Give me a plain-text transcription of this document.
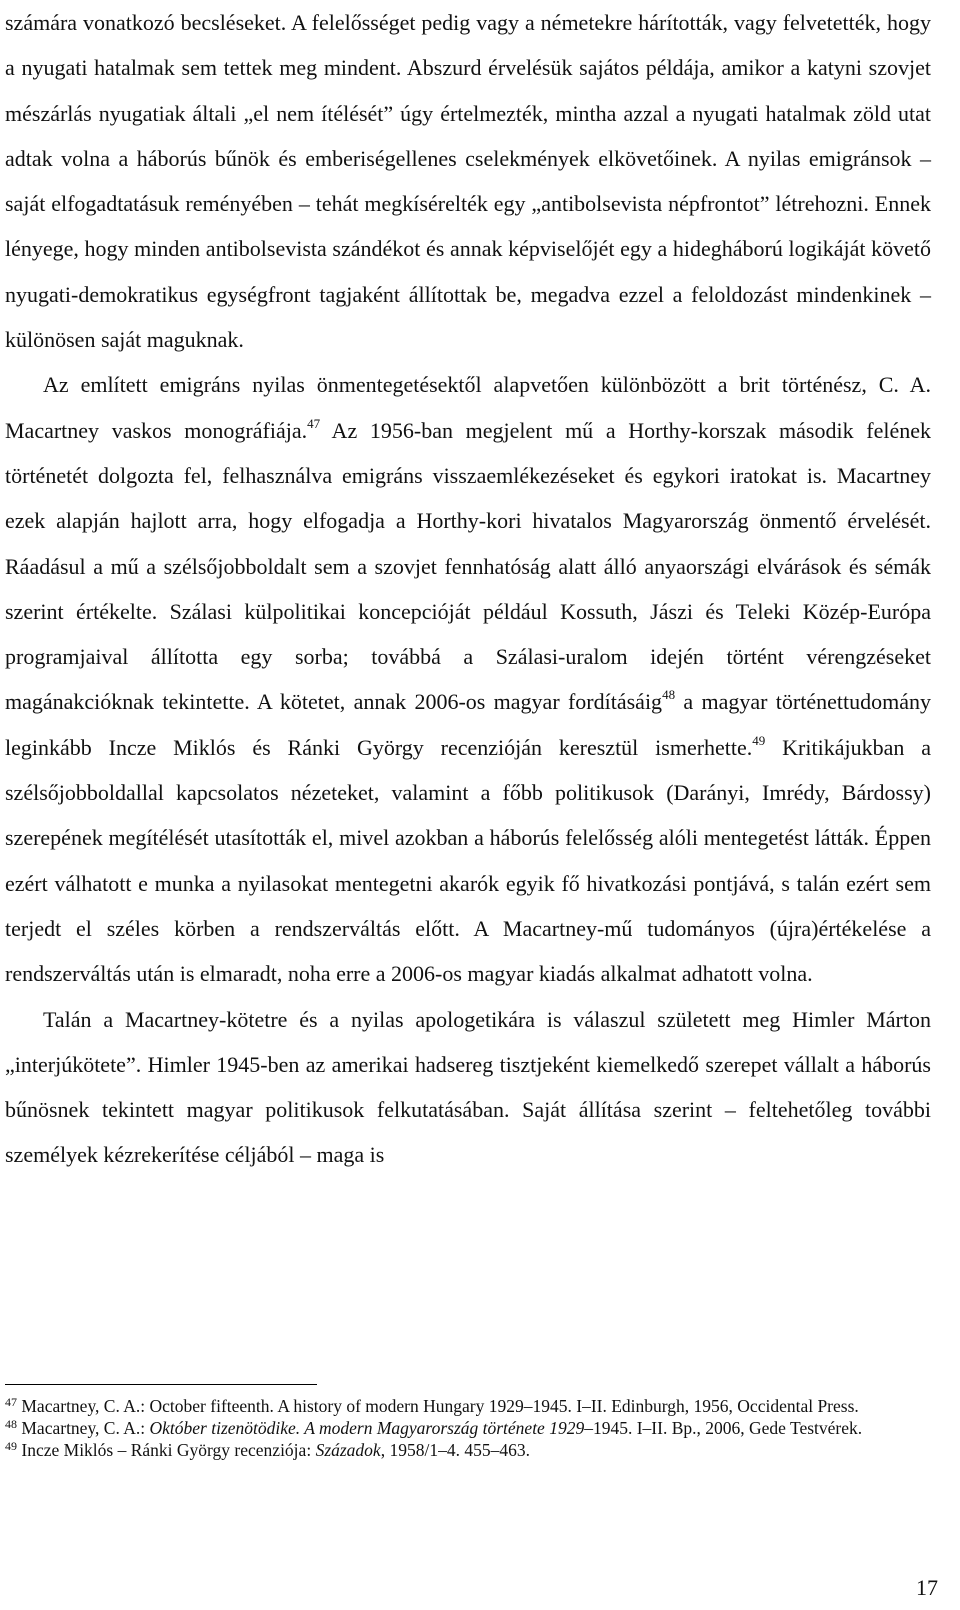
számára vonatkozó becsléseket. A felelősséget pedig vagy a németekre hárították, vagy felvetették, hogy a nyugati hatalmak sem tettek meg mindent. Abszurd érvelésük sajátos példája, amikor a katyni szovjet mészárlás nyugatiak általi „el nem ítélését” úgy értelmezték, mintha azzal a nyugati hatalmak zöld utat adtak volna a háborús bűnök és emberiségellenes cselekmények elkövetőinek. A nyilas emigránsok – saját elfogadtatásuk reményében – tehát megkísérelték egy „antibolsevista népfrontot” létrehozni. Ennek lényege, hogy minden antibolsevista szándékot és annak képviselőjét egy a hidegháború logikáját követő nyugati-demokratikus egységfront tagjaként állítottak be, megadva ezzel a feloldozást mindenkinek – különösen saját maguknak.

Az említett emigráns nyilas önmentegetésektől alapvetően különbözött a brit történész, C. A. Macartney vaskos monográfiája.$^{47}$ Az 1956-ban megjelent mű a Horthy-korszak második felének történetét dolgozta fel, felhasználva emigráns visszaemlékezéseket és egykori iratokat is. Macartney ezek alapján hajlott arra, hogy elfogadja a Horthy-kori hivatalos Magyarország önmentő érvelését. Ráadásul a mű a szélsőjobboldalt sem a szovjet fennhatóság alatt álló anyaországi elvárások és sémák szerint értékelte. Szálasi külpolitikai koncepcióját például Kossuth, Jászi és Teleki Közép-Európa programjaival állította egy sorba; továbbá a Szálasi-uralom idején történt vérengzéseket magánakcióknak tekintette. A kötetet, annak 2006-os magyar fordításáig$^{48}$ a magyar történettudomány leginkább Incze Miklós és Ránki György recenzióján keresztül ismerhette.$^{49}$ Kritikájukban a szélsőjobboldallal kapcsolatos nézeteket, valamint a főbb politikusok (Darányi, Imrédy, Bárdossy) szerepének megítélését utasították el, mivel azokban a háborús felelősség alóli mentegetést látták. Éppen ezért válhatott e munka a nyilasokat mentegetni akarók egyik fő hivatkozási pontjává, s talán ezért sem terjedt el széles körben a rendszerváltás előtt. A Macartney-mű tudományos (újra)értékelése a rendszerváltás után is elmaradt, noha erre a 2006-os magyar kiadás alkalmat adhatott volna.

Talán a Macartney-kötetre és a nyilas apologetikára is válaszul született meg Himler Márton „interjúkötete”. Himler 1945-ben az amerikai hadsereg tisztjeként kiemelkedő szerepet vállalt a háborús bűnösnek tekintett magyar politikusok felkutatásában. Saját állítása szerint – feltehetőleg további személyek kézrekerítése céljából – maga is

$^{47}$ Macartney, C. A.: October fifteenth. A history of modern Hungary 1929–1945. I–II. Edinburgh, 1956, Occidental Press.

$^{48}$ Macartney, C. A.: Október tizenötödike. A modern Magyarország története 1929–1945. I–II. Bp., 2006, Gede Testvérek.

$^{49}$ Incze Miklós – Ránki György recenziója: Századok, 1958/1–4. 455–463.

17
